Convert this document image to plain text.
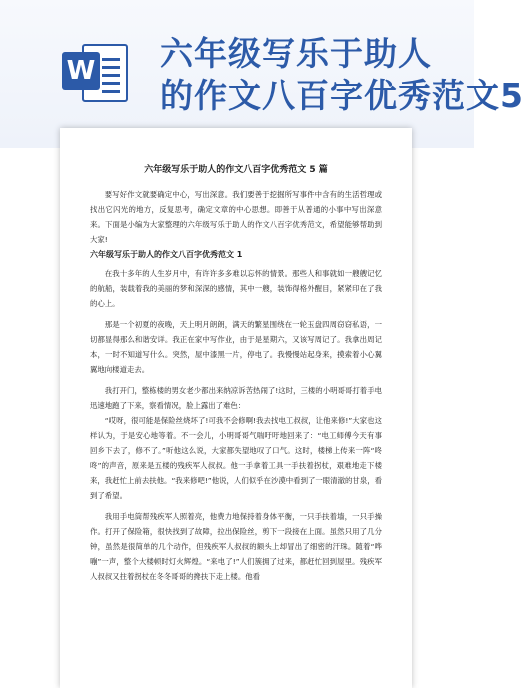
W 六年级写乐于助人
的作文八百字优秀范文5
六年级写乐于助人的作文八百字优秀范文 5 篇

要写好作文就要确定中心，写出深意。我们要善于挖掘所写事件中含有的生活哲理或找出它闪光的地方，反复思考，确定文章的中心思想。即善于从普通的小事中写出深意来。下面是小编为大家整理的六年级写乐于助人的作文八百字优秀范文，希望能够帮助到大家!

六年级写乐于助人的作文八百字优秀范文 1

在我十多年的人生岁月中，有许许多多难以忘怀的情景。那些人和事就如一艘艘记忆的航船，装载着我的美丽的梦和深深的感情，其中一艘，装饰得格外醒目，紧紧印在了我的心上。

那是一个初夏的夜晚，天上明月朗朗，满天的繁星围绕在一轮玉盘四周窃窃私语，一切都显得那么和谐安详。我正在家中写作业，由于是星期六，又该写周记了。我拿出周记本，一时不知道写什么。突然，屋中漆黑一片，停电了。我慢慢站起身来，摸索着小心翼翼地向楼道走去。

我打开门，整栋楼的男女老少都出来纳凉诉苦热闹了!这时，三楼的小明哥哥打着手电迅速地跑了下来，察看情况，脸上露出了难色：

“哎呀，很可能是保险丝烧坏了!可我不会修啊!我去找电工叔叔，让他来修!”大家也这样认为，于是安心地等着。不一会儿，小明哥哥气喘吁吁地回来了：“电工师傅今天有事回乡下去了，修不了。”听他这么说，大家都失望地叹了口气。这时，楼梯上传来一阵“咚咚”的声音，原来是五楼的残疾军人叔叔。他一手拿着工具一手扶着拐杖，艰难地走下楼来，我赶忙上前去扶他。“我来修吧!”他说，人们似乎在沙漠中看到了一眼清澈的甘泉，看到了希望。

我用手电筒帮残疾军人照着亮，他费力地保持着身体平衡，一只手扶着墙，一只手操作。打开了保险箱，很快找到了故障，拉出保险丝，剪下一段接在上面。虽然只用了几分钟，虽然是很简单的几个动作，但残疾军人叔叔的额头上却冒出了细密的汗珠。随着“哗嘣”一声，整个大楼顿时灯火辉煌。“来电了!”人们簇拥了过来，都赶忙回到屋里。残疾军人叔叔又拄着拐杖在冬冬哥哥的搀扶下走上楼。他看
